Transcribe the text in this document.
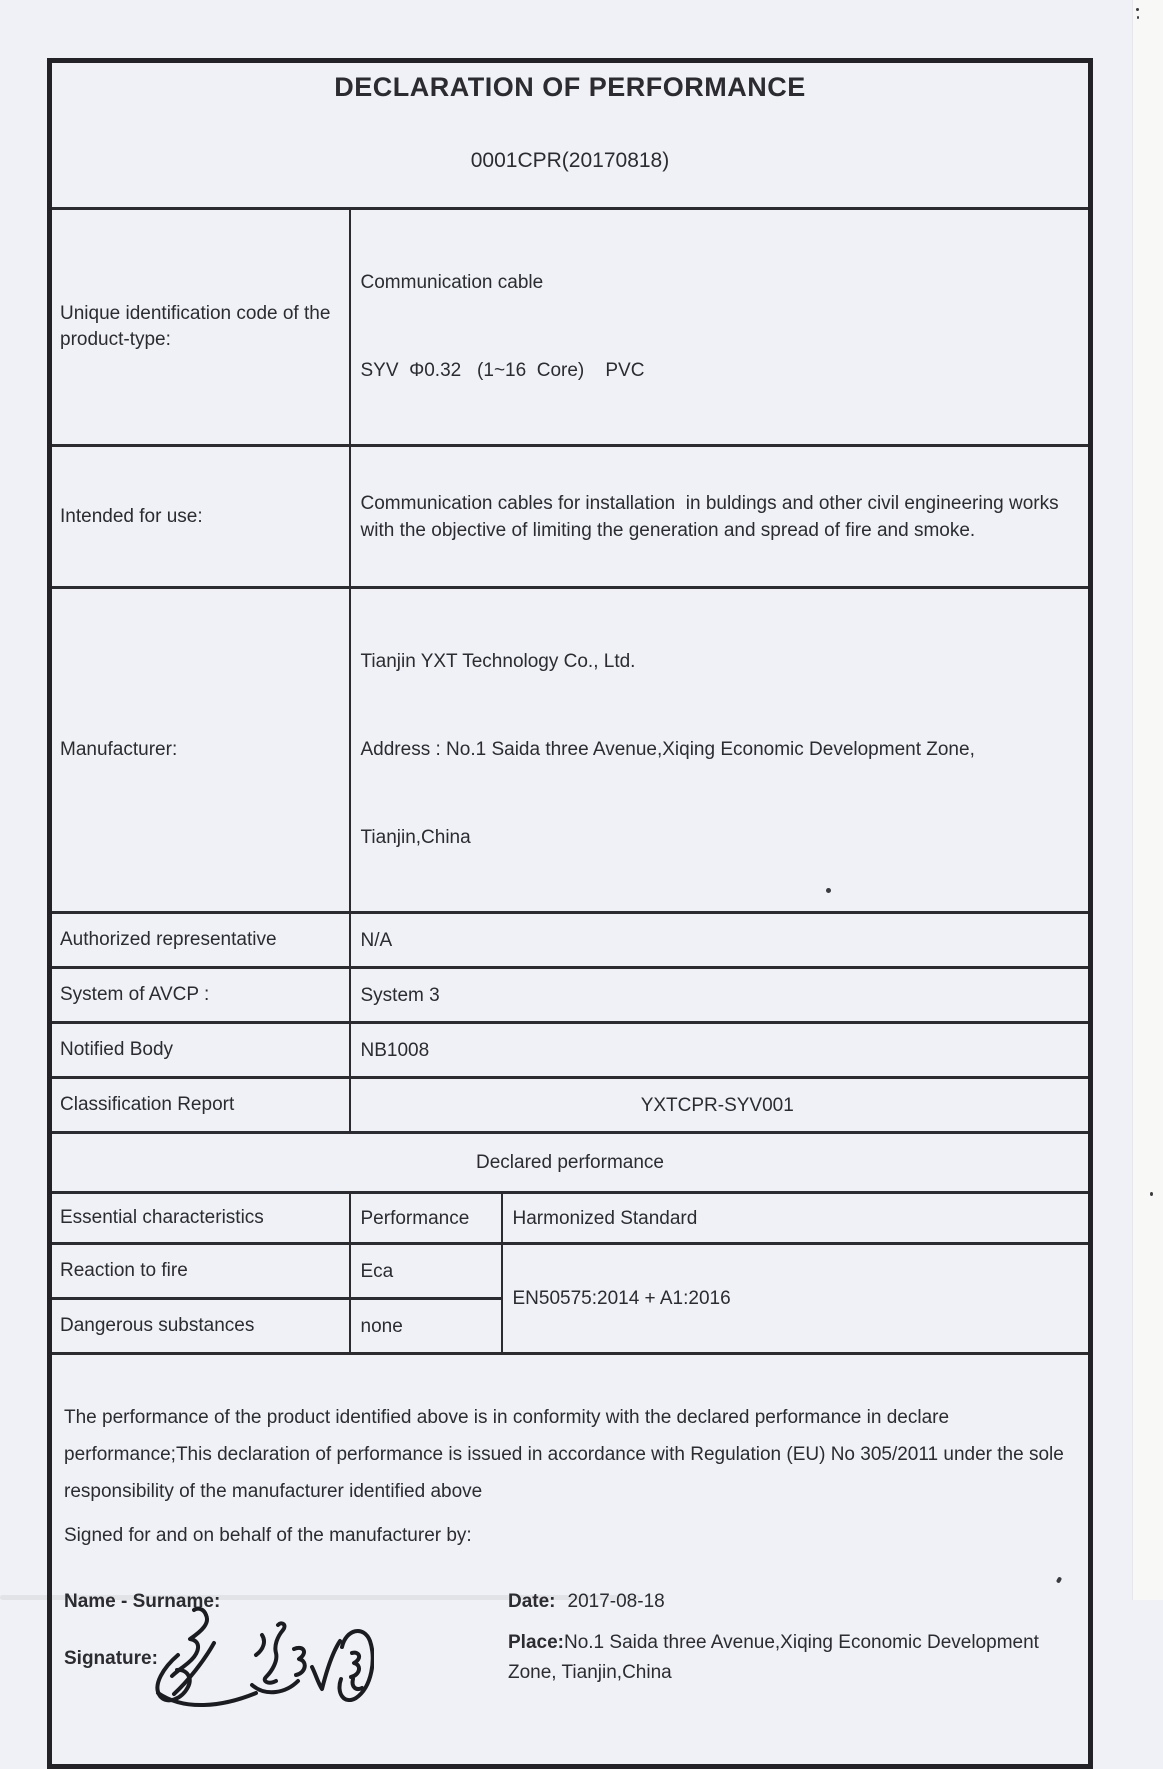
DECLARATION OF PERFORMANCE
0001CPR(20170818)		

Unique identification code of the product-type:	Communication cable

SYV  Φ0.32   (1~16  Core)    PVC	

Intended for use:	Communication cables for installation  in buldings and other civil engineering works with the objective of limiting the generation and spread of fire and smoke.	
Manufacturer:	Tianjin YXT Technology Co., Ltd.

Address : No.1 Saida three Avenue,Xiqing Economic Development Zone,

Tianjin,China	

Authorized representative	N/A	
System of AVCP :	System 3	
Notified Body	NB1008	
Classification Report	YXTCPR-SYV001	
Declared performance		
Essential characteristics	Performance	Harmonized Standard
Reaction to fire	Eca	EN50575:2014 + A1:2016
Dangerous substances	none	

The performance of the product identified above is in conformity with the declared performance in declare performance;This declaration of performance is issued in accordance with Regulation (EU) No 305/2011 under the sole responsibility of the manufacturer identified above
Signed for and on behalf of the manufacturer by:
Name - Surname:	Date: 2017-08-18
Signature:
Place:No.1 Saida three Avenue,Xiqing Economic Development Zone, Tianjin,China
